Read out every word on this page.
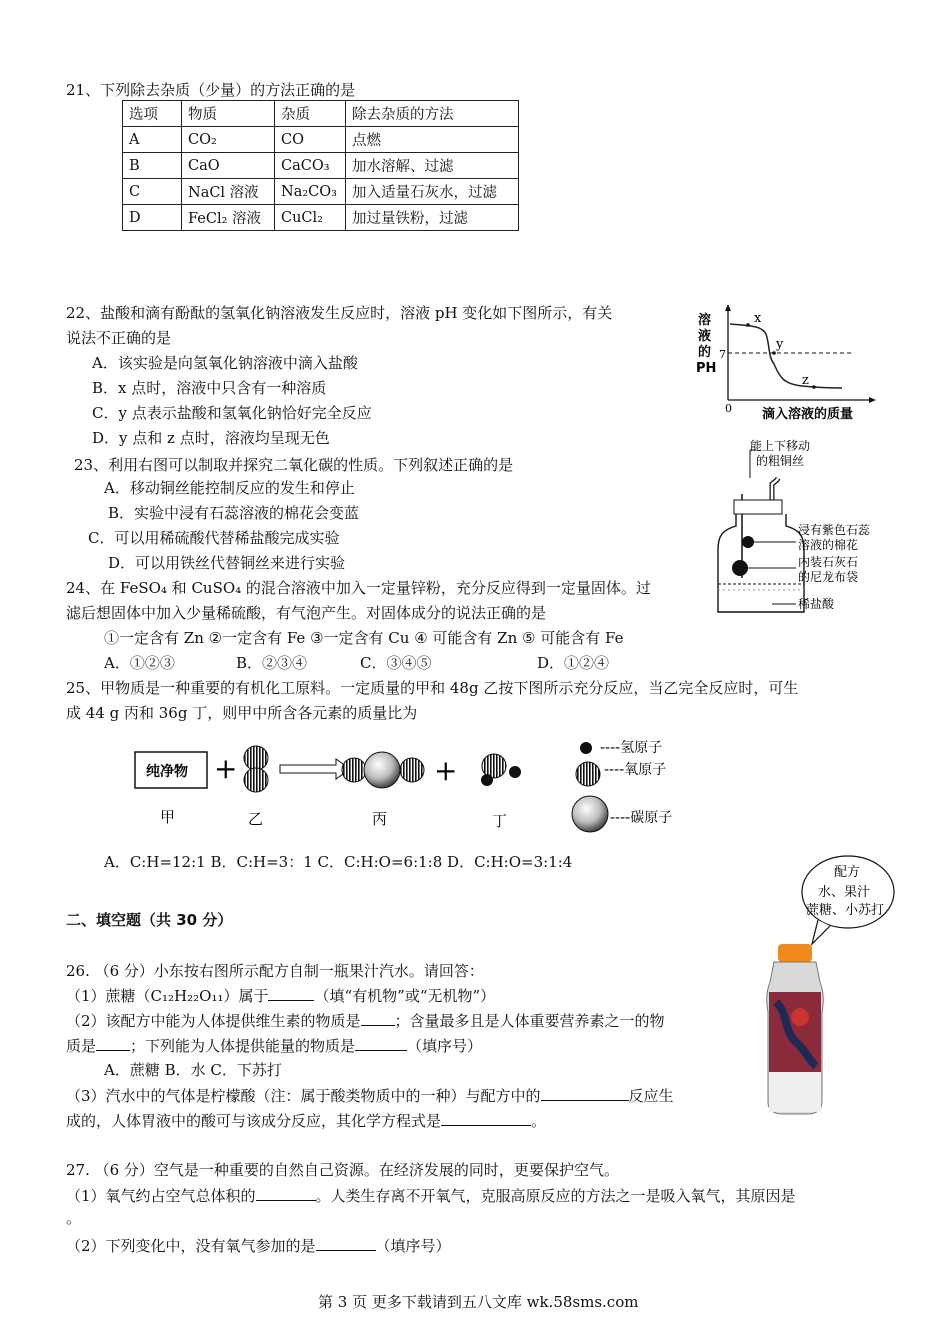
21、下列除去杂质（少量）的方法正确的是
选项	物质	杂质	除去杂质的方法
A	CO₂	CO	点燃
B	CaO	CaCO₃	加水溶解、过滤
C	NaCl 溶液	Na₂CO₃	加入适量石灰水，过滤
D	FeCl₂ 溶液	CuCl₂	加过量铁粉，过滤
22、盐酸和滴有酚酞的氢氧化钠溶液发生反应时，溶液 pH 变化如下图所示，有关
说法不正确的是
A．该实验是向氢氧化钠溶液中滴入盐酸
B．x 点时，溶液中只含有一种溶质
C．y 点表示盐酸和氢氧化钠恰好完全反应
D．y 点和 z 点时，溶液均呈现无色
溶
液
的
PH
7
0
x
y
z
滴入溶液的质量
23、利用右图可以制取并探究二氧化碳的性质。下列叙述正确的是
A．移动铜丝能控制反应的发生和停止
B．实验中浸有石蕊溶液的棉花会变蓝
C．可以用稀硫酸代替稀盐酸完成实验
D．可以用铁丝代替铜丝来进行实验
能上下移动
的粗铜丝
浸有紫色石蕊
溶液的棉花
内装石灰石
的尼龙布袋
稀盐酸
24、在 FeSO₄ 和 CuSO₄ 的混合溶液中加入一定量锌粉，充分反应得到一定量固体。过
滤后想固体中加入少量稀硫酸，有气泡产生。对固体成分的说法正确的是
①一定含有 Zn ②一定含有 Fe ③一定含有 Cu ④ 可能含有 Zn ⑤ 可能含有 Fe
A．①②③	B．②③④	C．③④⑤	D．①②④
25、甲物质是一种重要的有机化工原料。一定质量的甲和 48g 乙按下图所示充分反应，当乙完全反应时，可生
成 44 g 丙和 36g 丁，则甲中所含各元素的质量比为
纯净物 +	+
----氢原子
----氧原子
----碳原子
甲	乙	丙	丁
A．C:H=12:1 B．C:H=3：1 C．C:H:O=6:1:8 D．C:H:O=3:1:4
二、填空题（共 30 分）
26. （6 分）小东按右图所示配方自制一瓶果汁汽水。请回答：
（1）蔗糖（C₁₂H₂₂O₁₁）属于	（填“有机物”或“无机物”）
（2）该配方中能为人体提供维生素的物质是 ；含量最多且是人体重要营养素之一的物
质是 ；下列能为人体提供能量的物质是	（填序号）
A．蔗糖 B．水 C．下苏打
（3）汽水中的气体是柠檬酸（注：属于酸类物质中的一种）与配方中的	反应生
成的，人体胃液中的酸可与该成分反应，其化学方程式是	。
配方
水、果汁
蔗糖、小苏打
27. （6 分）空气是一种重要的自然自己资源。在经济发展的同时，更要保护空气。
（1）氧气约占空气总体积的	。人类生存离不开氧气，克服高原反应的方法之一是吸入氧气，其原因是
。
（2）下列变化中，没有氧气参加的是	（填序号）
第 3 页 更多下载请到五八文库 wk.58sms.com
